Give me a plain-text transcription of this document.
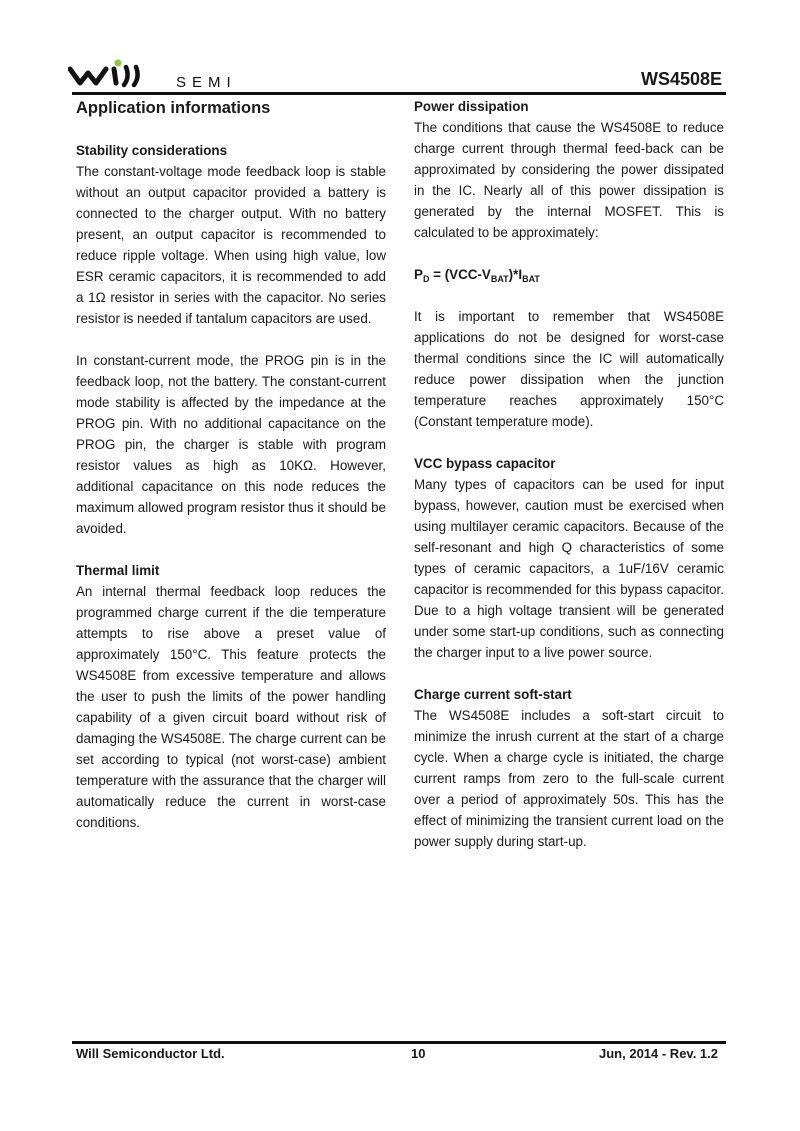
SEMI	WS4508E
Application informations

Stability considerations

The constant-voltage mode feedback loop is stable without an output capacitor provided a battery is connected to the charger output. With no battery present, an output capacitor is recommended to reduce ripple voltage. When using high value, low ESR ceramic capacitors, it is recommended to add a 1Ω resistor in series with the capacitor. No series resistor is needed if tantalum capacitors are used.

In constant-current mode, the PROG pin is in the feedback loop, not the battery. The constant-current mode stability is affected by the impedance at the PROG pin. With no additional capacitance on the PROG pin, the charger is stable with program resistor values as high as 10KΩ. However, additional capacitance on this node reduces the maximum allowed program resistor thus it should be avoided.

Thermal limit

An internal thermal feedback loop reduces the programmed charge current if the die temperature attempts to rise above a preset value of approximately 150°C. This feature protects the WS4508E from excessive temperature and allows the user to push the limits of the power handling capability of a given circuit board without risk of damaging the WS4508E. The charge current can be set according to typical (not worst-case) ambient temperature with the assurance that the charger will automatically reduce the current in worst-case conditions.

Power dissipation

The conditions that cause the WS4508E to reduce charge current through thermal feed-back can be approximated by considering the power dissipated in the IC. Nearly all of this power dissipation is generated by the internal MOSFET. This is calculated to be approximately:

$P_D = (VCC-V_{BAT})*I_{BAT}$

It is important to remember that WS4508E applications do not be designed for worst-case thermal conditions since the IC will automatically reduce power dissipation when the junction temperature reaches approximately 150°C (Constant temperature mode).

VCC bypass capacitor

Many types of capacitors can be used for input bypass, however, caution must be exercised when using multilayer ceramic capacitors. Because of the self-resonant and high Q characteristics of some types of ceramic capacitors, a 1uF/16V ceramic capacitor is recommended for this bypass capacitor. Due to a high voltage transient will be generated under some start-up conditions, such as connecting the charger input to a live power source.

Charge current soft-start

The WS4508E includes a soft-start circuit to minimize the inrush current at the start of a charge cycle. When a charge cycle is initiated, the charge current ramps from zero to the full-scale current over a period of approximately 50s. This has the effect of minimizing the transient current load on the power supply during start-up.

Will Semiconductor Ltd.	10	Jun, 2014 - Rev. 1.2
